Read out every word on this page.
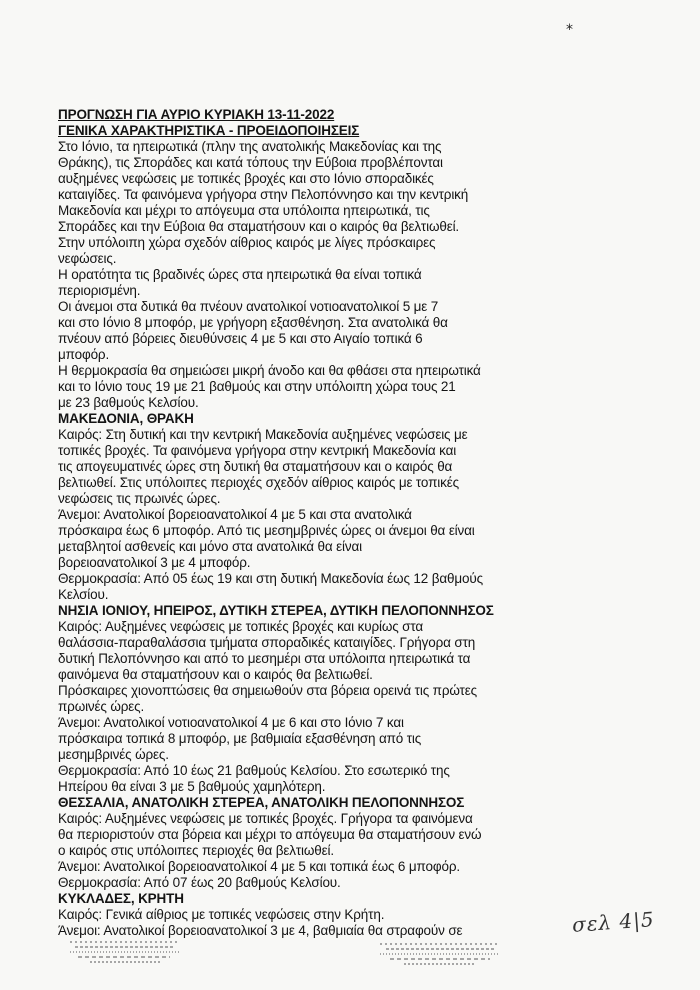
*

ΠΡΟΓΝΩΣΗ ΓΙΑ ΑΥΡΙΟ ΚΥΡΙΑΚΗ 13-11-2022

ΓΕΝΙΚΑ ΧΑΡΑΚΤΗΡΙΣΤΙΚΑ - ΠΡΟΕΙΔΟΠΟΙΗΣΕΙΣ

Στο Ιόνιο, τα ηπειρωτικά (πλην της ανατολικής Μακεδονίας και της

Θράκης), τις Σποράδες και κατά τόπους την Εύβοια προβλέπονται

αυξημένες νεφώσεις με τοπικές βροχές και στο Ιόνιο σποραδικές

καταιγίδες. Τα φαινόμενα γρήγορα στην Πελοπόννησο και την κεντρική

Μακεδονία και μέχρι το απόγευμα στα υπόλοιπα ηπειρωτικά, τις

Σποράδες και την Εύβοια θα σταματήσουν και ο καιρός θα βελτιωθεί.

Στην υπόλοιπη χώρα σχεδόν αίθριος καιρός με λίγες πρόσκαιρες

νεφώσεις.

Η ορατότητα τις βραδινές ώρες στα ηπειρωτικά θα είναι τοπικά

περιορισμένη.

Οι άνεμοι στα δυτικά θα πνέουν ανατολικοί νοτιοανατολικοί 5 με 7

και στο Ιόνιο 8 μποφόρ, με γρήγορη εξασθένηση. Στα ανατολικά θα

πνέουν από βόρειες διευθύνσεις 4 με 5 και στο Αιγαίο τοπικά 6

μποφόρ.

Η θερμοκρασία θα σημειώσει μικρή άνοδο και θα φθάσει στα ηπειρωτικά

και το Ιόνιο τους 19 με 21 βαθμούς και στην υπόλοιπη χώρα τους 21

με 23 βαθμούς Κελσίου.

ΜΑΚΕΔΟΝΙΑ, ΘΡΑΚΗ

Καιρός: Στη δυτική και την κεντρική Μακεδονία αυξημένες νεφώσεις με

τοπικές βροχές. Τα φαινόμενα γρήγορα στην κεντρική Μακεδονία και

τις απογευματινές ώρες στη δυτική θα σταματήσουν και ο καιρός θα

βελτιωθεί. Στις υπόλοιπες περιοχές σχεδόν αίθριος καιρός με τοπικές

νεφώσεις τις πρωινές ώρες.

Άνεμοι: Ανατολικοί βορειοανατολικοί 4 με 5 και στα ανατολικά

πρόσκαιρα έως 6 μποφόρ. Από τις μεσημβρινές ώρες οι άνεμοι θα είναι

μεταβλητοί ασθενείς και μόνο στα ανατολικά θα είναι

βορειοανατολικοί 3 με 4 μποφόρ.

Θερμοκρασία: Από 05 έως 19 και στη δυτική Μακεδονία έως 12 βαθμούς

Κελσίου.

ΝΗΣΙΑ ΙΟΝΙΟΥ, ΗΠΕΙΡΟΣ, ΔΥΤΙΚΗ ΣΤΕΡΕΑ, ΔΥΤΙΚΗ ΠΕΛΟΠΟΝΝΗΣΟΣ

Καιρός: Αυξημένες νεφώσεις με τοπικές βροχές και κυρίως στα

θαλάσσια-παραθαλάσσια τμήματα σποραδικές καταιγίδες. Γρήγορα στη

δυτική Πελοπόννησο και από το μεσημέρι στα υπόλοιπα ηπειρωτικά τα

φαινόμενα θα σταματήσουν και ο καιρός θα βελτιωθεί.

Πρόσκαιρες χιονοπτώσεις θα σημειωθούν στα βόρεια ορεινά τις πρώτες

πρωινές ώρες.

Άνεμοι: Ανατολικοί νοτιοανατολικοί 4 με 6 και στο Ιόνιο 7 και

πρόσκαιρα τοπικά 8 μποφόρ, με βαθμιαία εξασθένηση από τις

μεσημβρινές ώρες.

Θερμοκρασία: Από 10 έως 21 βαθμούς Κελσίου. Στο εσωτερικό της

Ηπείρου θα είναι 3 με 5 βαθμούς χαμηλότερη.

ΘΕΣΣΑΛΙΑ, ΑΝΑΤΟΛΙΚΗ ΣΤΕΡΕΑ, ΑΝΑΤΟΛΙΚΗ ΠΕΛΟΠΟΝΝΗΣΟΣ

Καιρός: Αυξημένες νεφώσεις με τοπικές βροχές. Γρήγορα τα φαινόμενα

θα περιοριστούν στα βόρεια και μέχρι το απόγευμα θα σταματήσουν ενώ

ο καιρός στις υπόλοιπες περιοχές θα βελτιωθεί.

Άνεμοι: Ανατολικοί βορειοανατολικοί 4 με 5 και τοπικά έως 6 μποφόρ.

Θερμοκρασία: Από 07 έως 20 βαθμούς Κελσίου.

ΚΥΚΛΑΔΕΣ, ΚΡΗΤΗ

Καιρός: Γενικά αίθριος με τοπικές νεφώσεις στην Κρήτη.

Άνεμοι: Ανατολικοί βορειοανατολικοί 3 με 4, βαθμιαία θα στραφούν σε	σελ 4|5
